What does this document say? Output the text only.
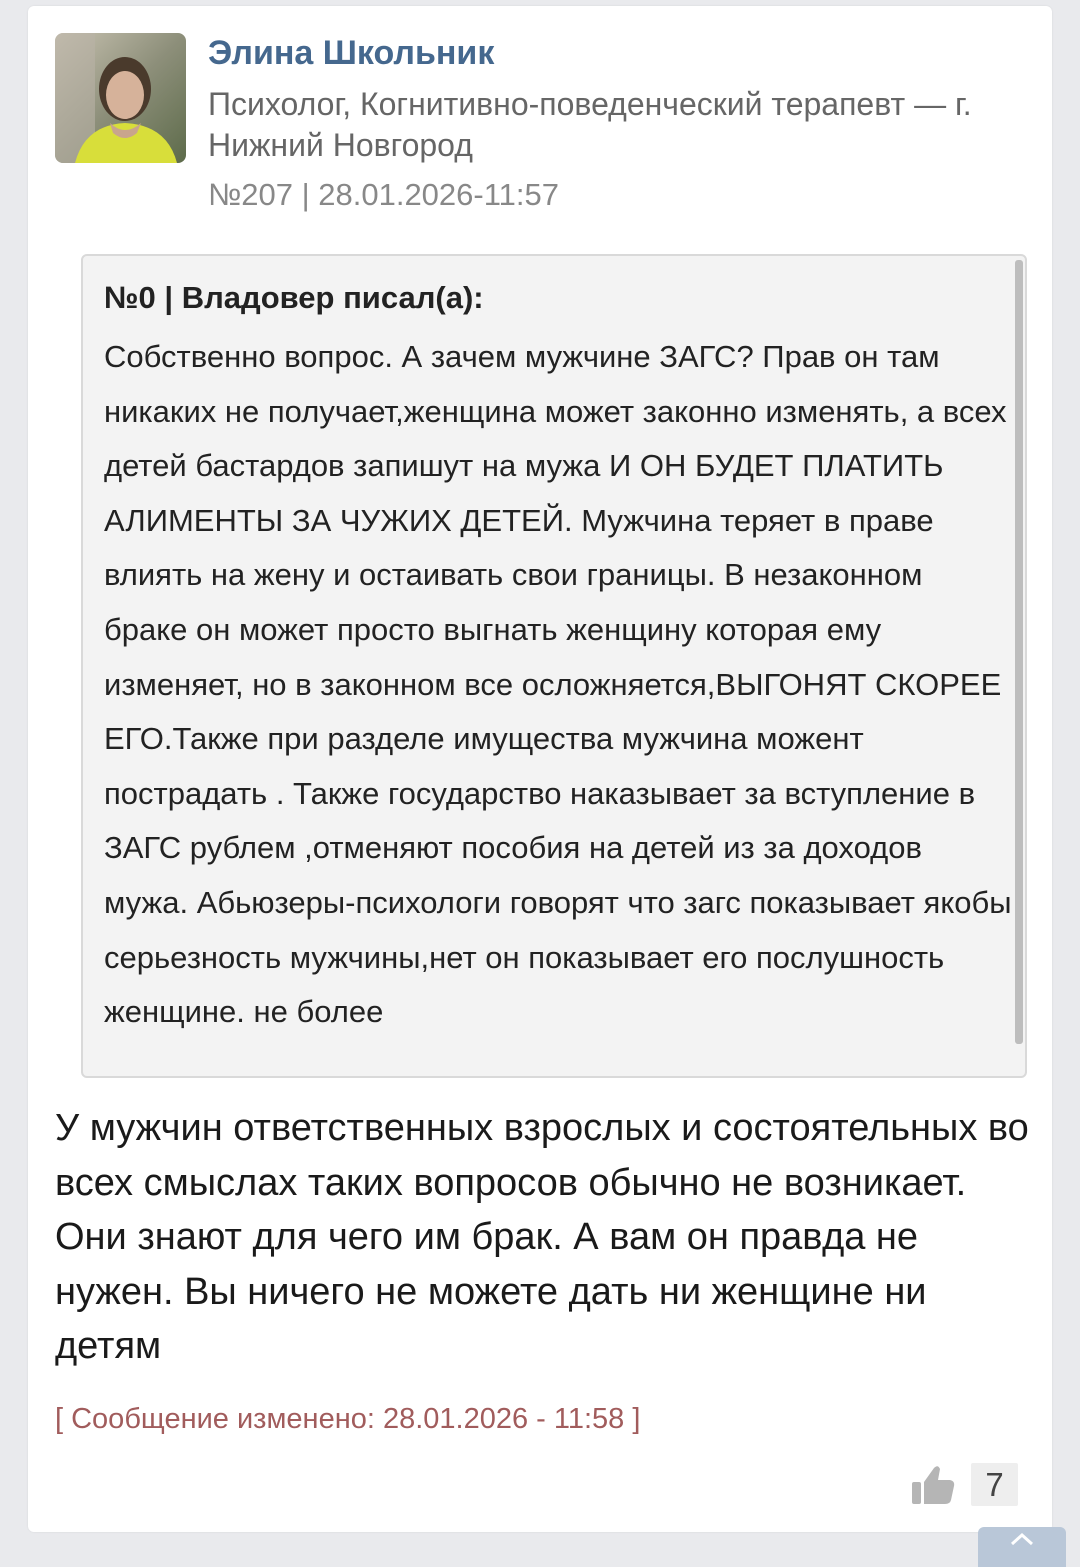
Элина Школьник
Психолог, Когнитивно-поведенческий терапевт — г. Нижний Новгород
№207 | 28.01.2026-11:57
№0 | Владовер писал(а):
Собственно вопрос. А зачем мужчине ЗАГС? Прав он там никаких не получает,женщина может законно изменять, а всех детей бастардов запишут на мужа И ОН БУДЕТ ПЛАТИТЬ АЛИМЕНТЫ ЗА ЧУЖИХ ДЕТЕЙ. Мужчина теряет в праве влиять на жену и остаивать свои границы. В незаконном браке он может просто выгнать женщину которая ему изменяет, но в законном все осложняется,ВЫГОНЯТ СКОРЕЕ ЕГО.Также при разделе имущества мужчина можент пострадать . Также государство наказывает за вступление в ЗАГС рублем ,отменяют пособия на детей из за доходов мужа. Абьюзеры-психологи говорят что загс показывает якобы серьезность мужчины,нет он показывает его послушность женщине. не более
У мужчин ответственных взрослых и состоятельных во всех смыслах таких вопросов обычно не возникает. Они знают для чего им брак. А вам он правда не нужен. Вы ничего не можете дать ни женщине ни детям
[ Сообщение изменено: 28.01.2026 - 11:58 ]
7
